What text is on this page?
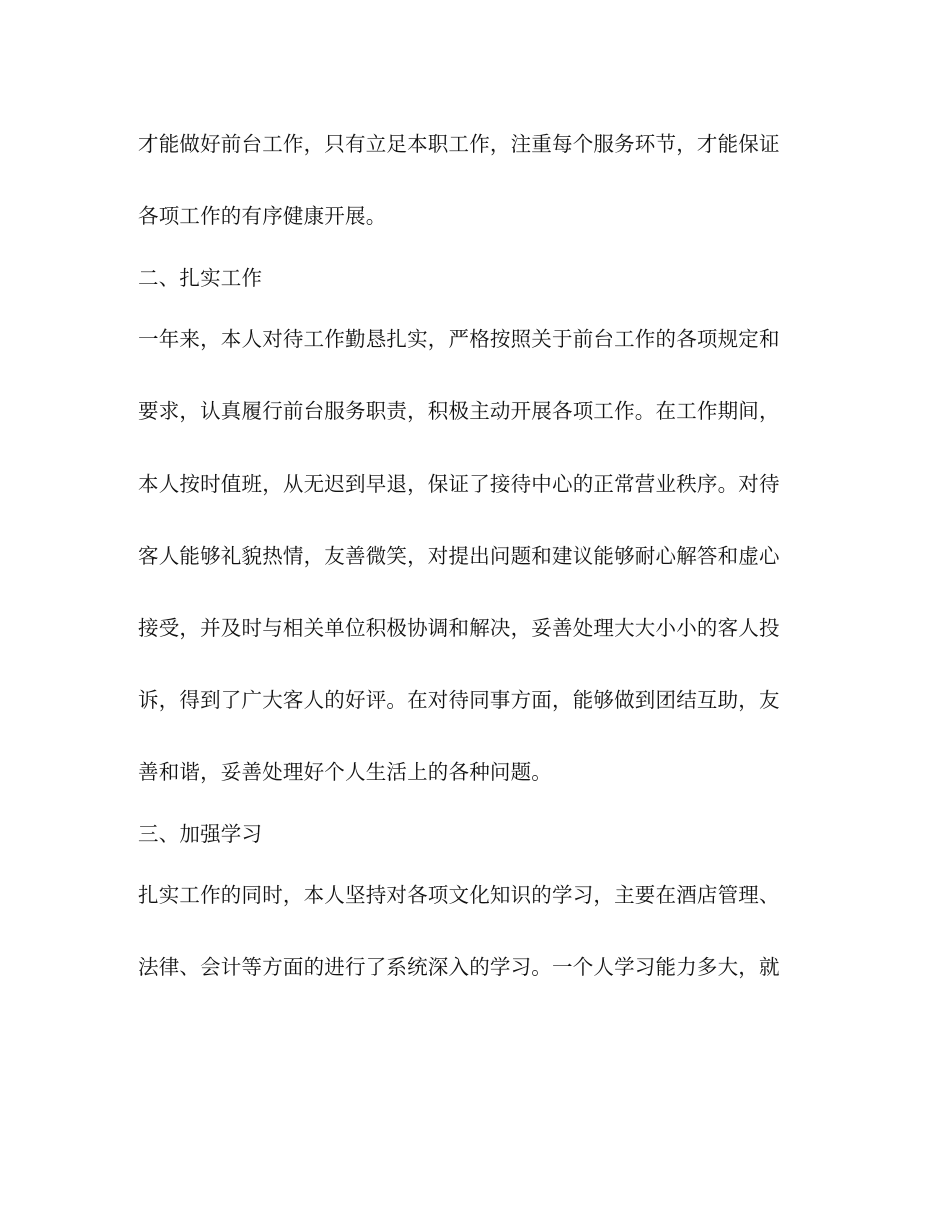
才能做好前台工作，只有立足本职工作，注重每个服务环节，才能保证

各项工作的有序健康开展。

二、扎实工作

一年来，本人对待工作勤恳扎实，严格按照关于前台工作的各项规定和

要求，认真履行前台服务职责，积极主动开展各项工作。在工作期间，

本人按时值班，从无迟到早退，保证了接待中心的正常营业秩序。对待

客人能够礼貌热情，友善微笑，对提出问题和建议能够耐心解答和虚心

接受，并及时与相关单位积极协调和解决，妥善处理大大小小的客人投

诉，得到了广大客人的好评。在对待同事方面，能够做到团结互助，友

善和谐，妥善处理好个人生活上的各种问题。

三、加强学习

扎实工作的同时，本人坚持对各项文化知识的学习，主要在酒店管理、

法律、会计等方面的进行了系统深入的学习。一个人学习能力多大，就
